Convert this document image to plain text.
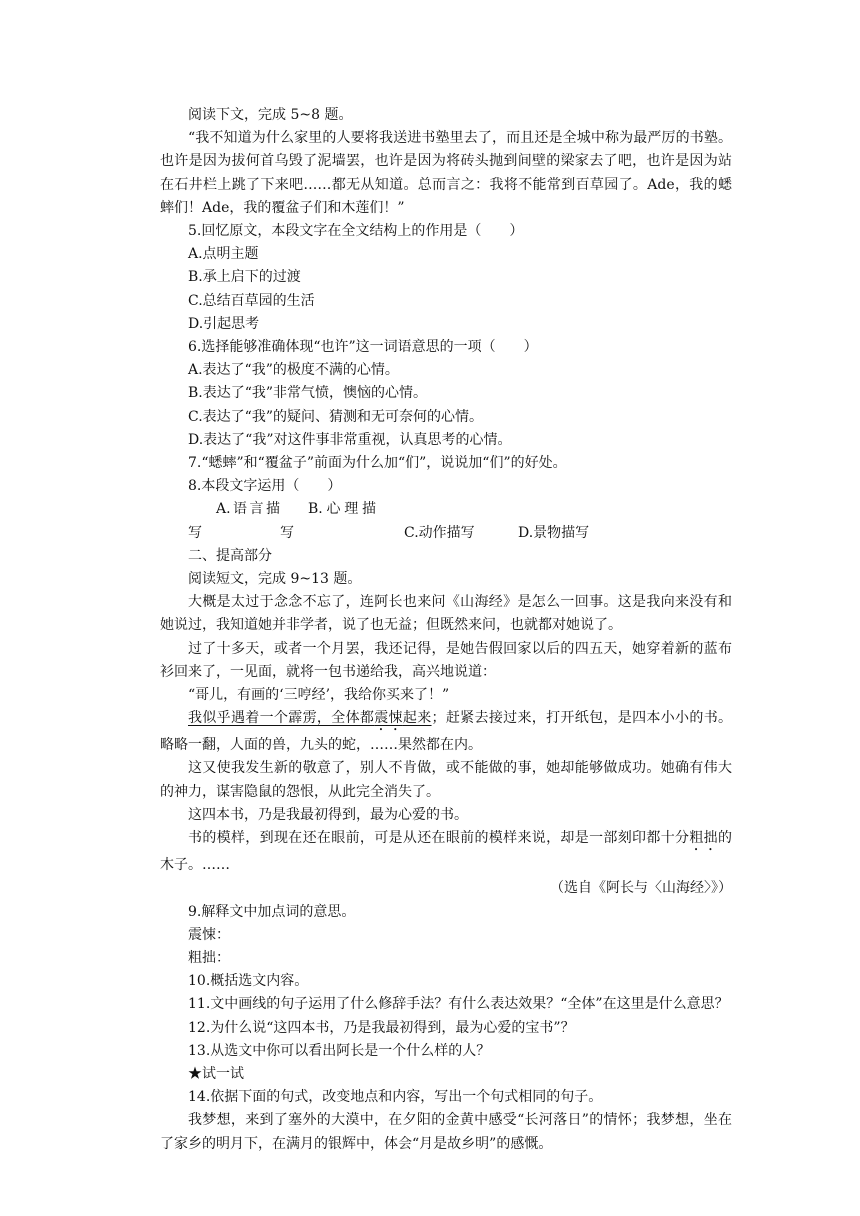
阅读下文，完成 5~8 题。

“我不知道为什么家里的人要将我送进书塾里去了，而且还是全城中称为最严厉的书塾。也许是因为拔何首乌毁了泥墙罢，也许是因为将砖头抛到间壁的梁家去了吧，也许是因为站在石井栏上跳了下来吧……都无从知道。总而言之：我将不能常到百草园了。Ade，我的蟋蟀们！Ade，我的覆盆子们和木莲们！”

5.回忆原文，本段文字在全文结构上的作用是（　　）

A.点明主题

B.承上启下的过渡

C.总结百草园的生活

D.引起思考

6.选择能够准确体现“也许”这一词语意思的一项（　　）

A.表达了“我”的极度不满的心情。

B.表达了“我”非常气愤，懊恼的心情。

C.表达了“我”的疑问、猜测和无可奈何的心情。

D.表达了“我”对这件事非常重视，认真思考的心情。

7.“蟋蟀”和“覆盆子”前面为什么加“们”，说说加“们”的好处。

8.本段文字运用（　　）

A.语言描写B.心理描写	C.动作描写	D.景物描写

二、提高部分

阅读短文，完成 9~13 题。

大概是太过于念念不忘了，连阿长也来问《山海经》是怎么一回事。这是我向来没有和她说过，我知道她并非学者，说了也无益；但既然来问，也就都对她说了。

过了十多天，或者一个月罢，我还记得，是她告假回家以后的四五天，她穿着新的蓝布衫回来了，一见面，就将一包书递给我，高兴地说道：

“哥儿，有画的‘三哼经’，我给你买来了！”

我似乎遇着一个霹雳，全体都震悚起来；赶紧去接过来，打开纸包，是四本小小的书。略略一翻，人面的兽，九头的蛇，……果然都在内。

这又使我发生新的敬意了，别人不肯做，或不能做的事，她却能够做成功。她确有伟大的神力，谋害隐鼠的怨恨，从此完全消失了。

这四本书，乃是我最初得到，最为心爱的书。

书的模样，到现在还在眼前，可是从还在眼前的模样来说，却是一部刻印都十分粗拙的木子。……

（选自《阿长与〈山海经〉》）

9.解释文中加点词的意思。

震悚：

粗拙：

10.概括选文内容。

11.文中画线的句子运用了什么修辞手法？有什么表达效果？“全体”在这里是什么意思？

12.为什么说“这四本书，乃是我最初得到，最为心爱的宝书”？

13.从选文中你可以看出阿长是一个什么样的人？

★试一试

14.依据下面的句式，改变地点和内容，写出一个句式相同的句子。

我梦想，来到了塞外的大漠中，在夕阳的金黄中感受“长河落日”的情怀；我梦想，坐在了家乡的明月下，在满月的银辉中，体会“月是故乡明”的感慨。
